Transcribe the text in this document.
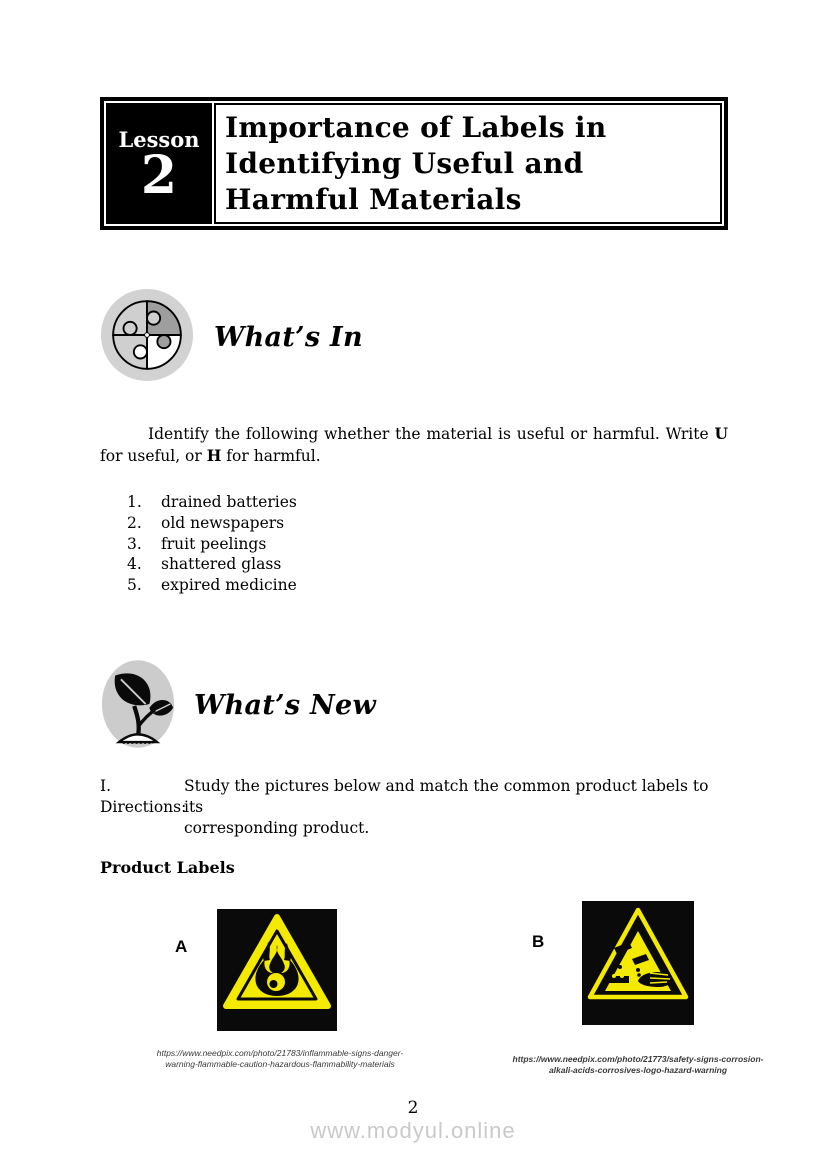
Lesson
2
Importance of Labels in
Identifying Useful and
Harmful Materials
What’s In

Identify the following whether the material is useful or harmful. Write U for useful, or H for harmful.

1.	drained batteries
2.	old newspapers
3.	fruit peelings
4.	shattered glass
5.	expired medicine
What’s New
I. Directions:
Study the pictures below and match the common product labels to its
corresponding product.
Product Labels
A
https://www.needpix.com/photo/21783/inflammable-signs-danger-
warning-flammable-caution-hazardous-flammability-materials
B
https://www.needpix.com/photo/21773/safety-signs-corrosion-
alkali-acids-corrosives-logo-hazard-warning
2
www.modyul.online
